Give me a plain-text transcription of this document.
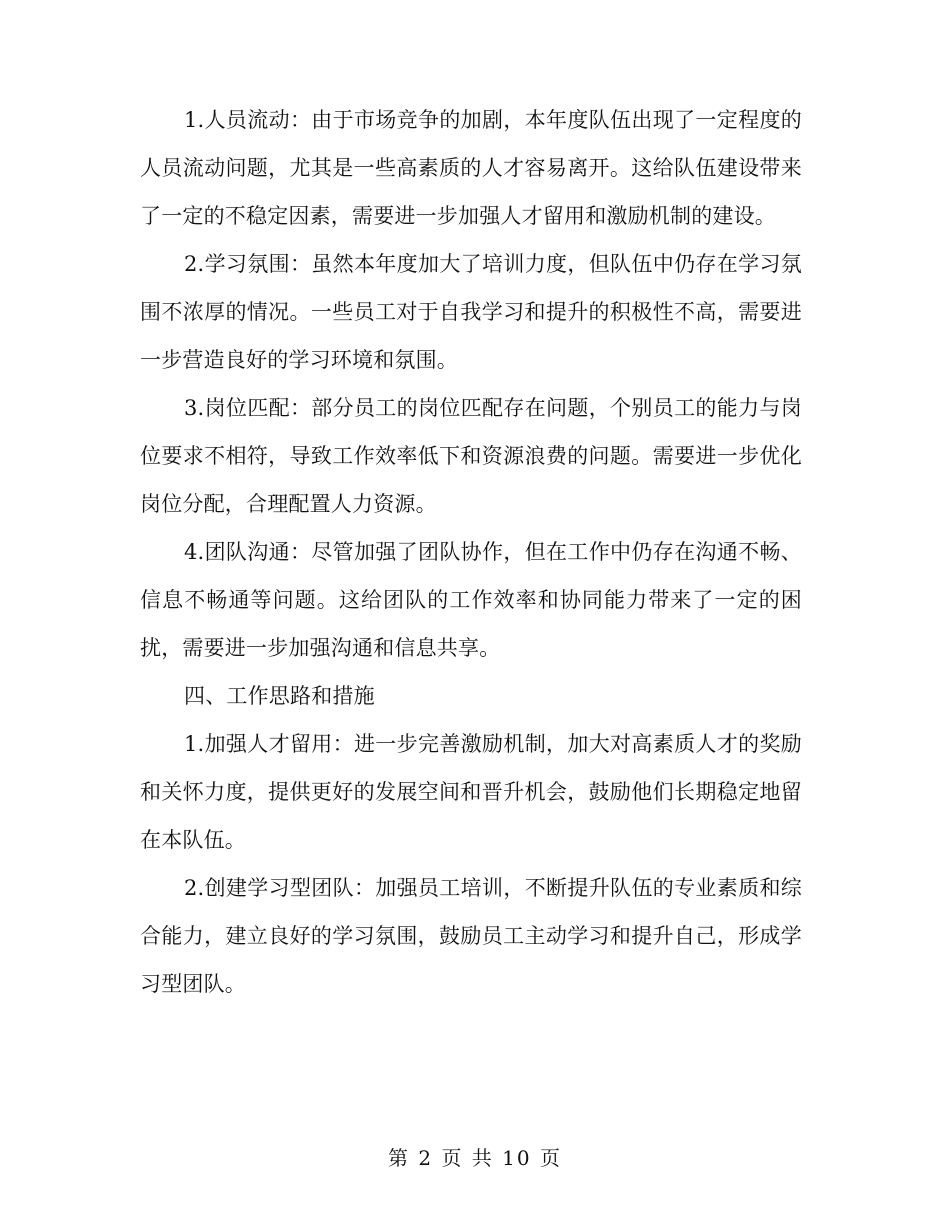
1.人员流动：由于市场竞争的加剧，本年度队伍出现了一定程度的人员流动问题，尤其是一些高素质的人才容易离开。这给队伍建设带来了一定的不稳定因素，需要进一步加强人才留用和激励机制的建设。

2.学习氛围：虽然本年度加大了培训力度，但队伍中仍存在学习氛围不浓厚的情况。一些员工对于自我学习和提升的积极性不高，需要进一步营造良好的学习环境和氛围。

3.岗位匹配：部分员工的岗位匹配存在问题，个别员工的能力与岗位要求不相符，导致工作效率低下和资源浪费的问题。需要进一步优化岗位分配，合理配置人力资源。

4.团队沟通：尽管加强了团队协作，但在工作中仍存在沟通不畅、信息不畅通等问题。这给团队的工作效率和协同能力带来了一定的困扰，需要进一步加强沟通和信息共享。

四、工作思路和措施

1.加强人才留用：进一步完善激励机制，加大对高素质人才的奖励和关怀力度，提供更好的发展空间和晋升机会，鼓励他们长期稳定地留在本队伍。

2.创建学习型团队：加强员工培训，不断提升队伍的专业素质和综合能力，建立良好的学习氛围，鼓励员工主动学习和提升自己，形成学习型团队。

第 2 页 共 10 页
